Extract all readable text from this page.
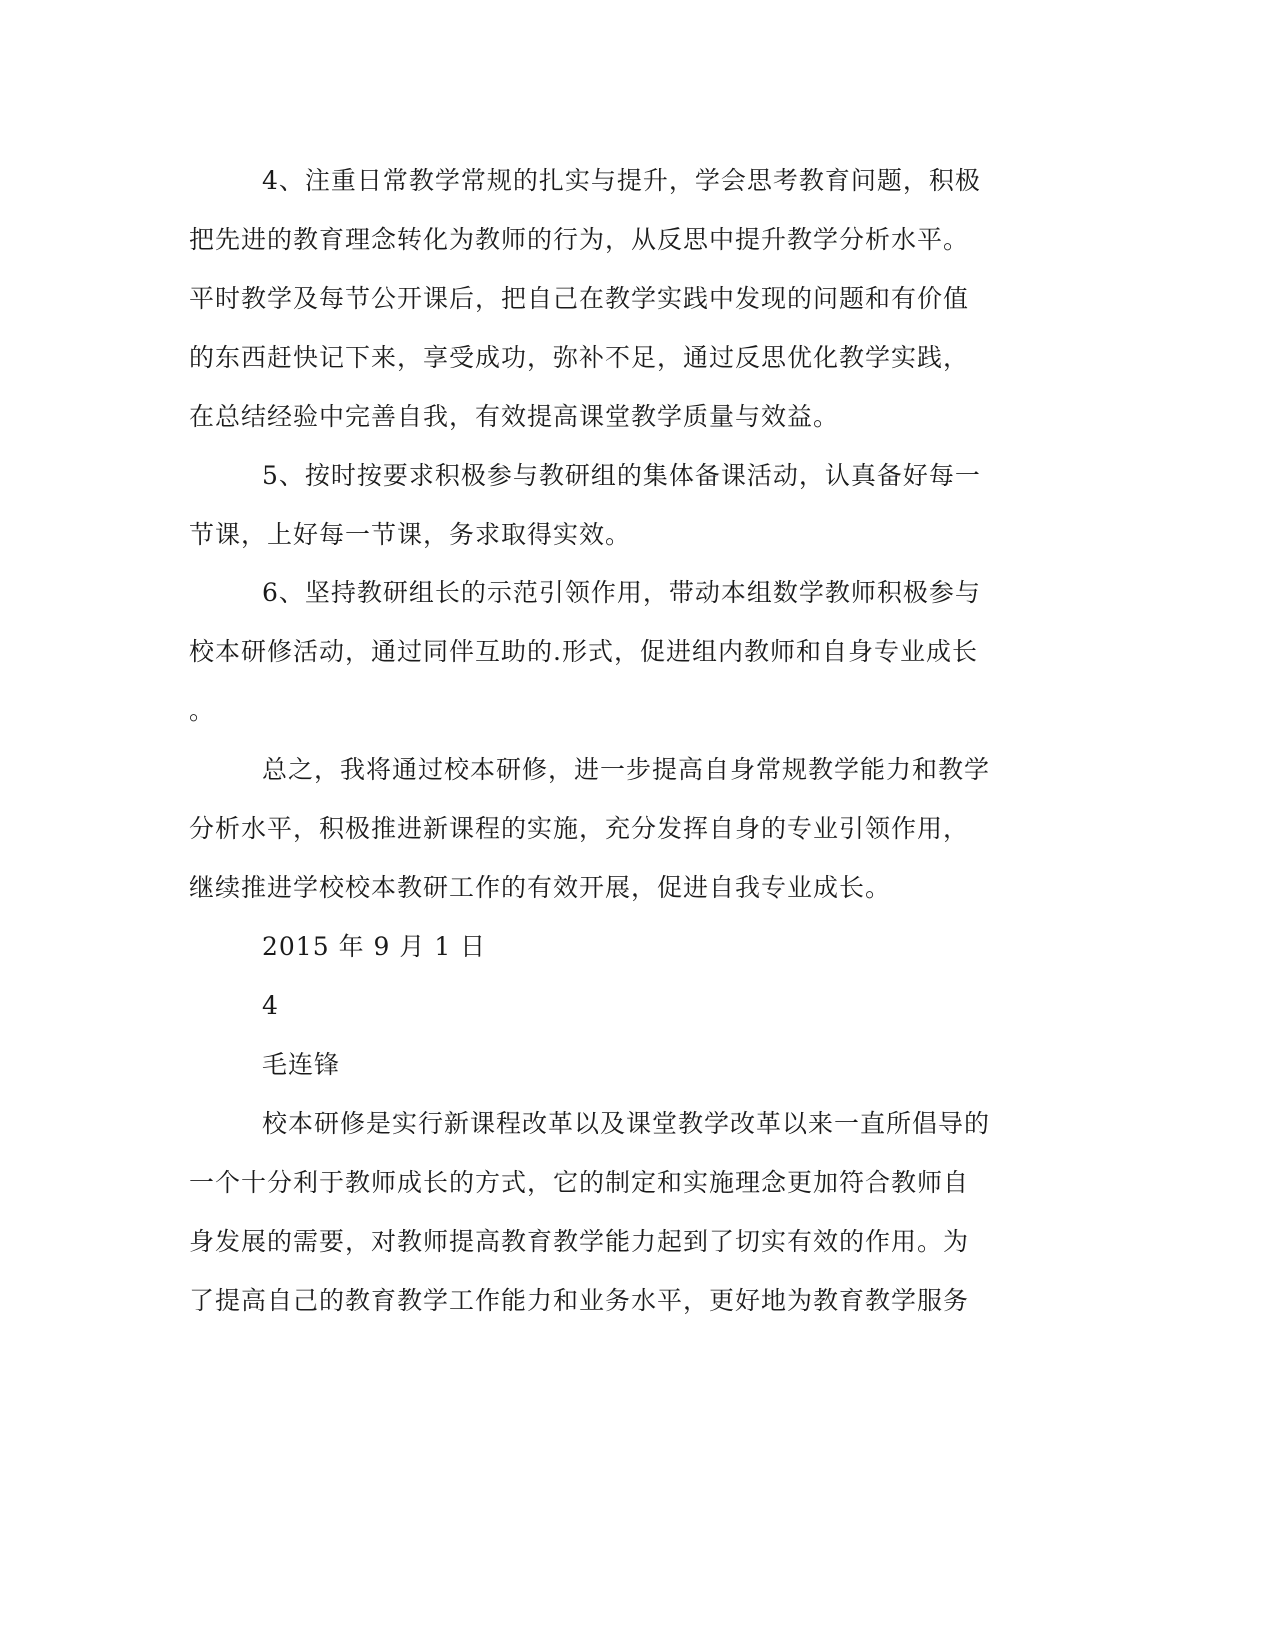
4、注重日常教学常规的扎实与提升，学会思考教育问题，积极
把先进的教育理念转化为教师的行为，从反思中提升教学分析水平。
平时教学及每节公开课后，把自己在教学实践中发现的问题和有价值
的东西赶快记下来，享受成功，弥补不足，通过反思优化教学实践，
在总结经验中完善自我，有效提高课堂教学质量与效益。
5、按时按要求积极参与教研组的集体备课活动，认真备好每一
节课，上好每一节课，务求取得实效。
6、坚持教研组长的示范引领作用，带动本组数学教师积极参与
校本研修活动，通过同伴互助的.形式，促进组内教师和自身专业成长
。
总之，我将通过校本研修，进一步提高自身常规教学能力和教学
分析水平，积极推进新课程的实施，充分发挥自身的专业引领作用，
继续推进学校校本教研工作的有效开展，促进自我专业成长。
2015 年 9 月 1 日
4
毛连锋
校本研修是实行新课程改革以及课堂教学改革以来一直所倡导的
一个十分利于教师成长的方式，它的制定和实施理念更加符合教师自
身发展的需要，对教师提高教育教学能力起到了切实有效的作用。为
了提高自己的教育教学工作能力和业务水平，更好地为教育教学服务
